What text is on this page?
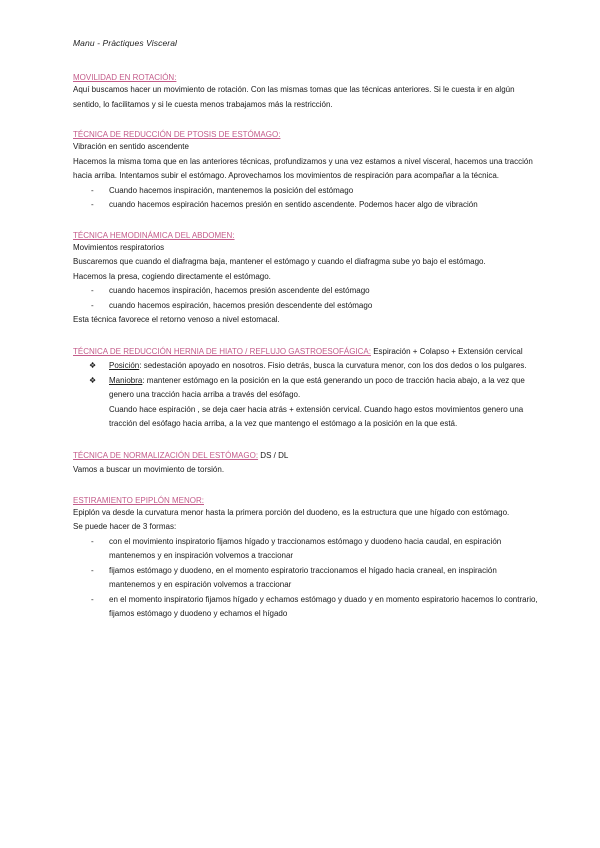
Manu - Pràctiques Visceral
MOVILIDAD EN ROTACIÓN:

Aquí buscamos hacer un movimiento de rotación. Con las mismas tomas que las técnicas anteriores. Si le cuesta ir en algún sentido, lo facilitamos y si le cuesta menos trabajamos más la restricción.

TÉCNICA DE REDUCCIÓN DE PTOSIS DE ESTÓMAGO:

Vibración en sentido ascendente

Hacemos la misma toma que en las anteriores técnicas, profundizamos y una vez estamos a nivel visceral, hacemos una tracción hacia arriba. Intentamos subir el estómago. Aprovechamos los movimientos de respiración para acompañar a la técnica.

- Cuando hacemos inspiración, mantenemos la posición del estómago
- cuando hacemos espiración hacemos presión en sentido ascendente. Podemos hacer algo de vibración
TÉCNICA HEMODINÁMICA DEL ABDOMEN:

Movimientos respiratorios

Buscaremos que cuando el diafragma baja, mantener el estómago y cuando el diafragma sube yo bajo el estómago.

Hacemos la presa, cogiendo directamente el estómago.

- cuando hacemos inspiración, hacemos presión ascendente del estómago
- cuando hacemos espiración, hacemos presión descendente del estómago

Esta técnica favorece el retorno venoso a nivel estomacal.

TÉCNICA DE REDUCCIÓN HERNIA DE HIATO / REFLUJO GASTROESOFÁGICA: Espiración + Colapso + Extensión cervical

❖ Posición: sedestación apoyado en nosotros. Fisio detrás, busca la curvatura menor, con los dos dedos o los pulgares.
❖ Maniobra: mantener estómago en la posición en la que está generando un poco de tracción hacia abajo, a la vez que genero una tracción hacia arriba a través del esófago.
Cuando hace espiración , se deja caer hacia atrás + extensión cervical. Cuando hago estos movimientos genero una tracción del esófago hacia arriba, a la vez que mantengo el estómago a la posición en la que está.

TÉCNICA DE NORMALIZACIÓN DEL ESTÓMAGO: DS / DL

Vamos a buscar un movimiento de torsión.

ESTIRAMIENTO EPIPLÓN MENOR:

Epiplón va desde la curvatura menor hasta la primera porción del duodeno, es la estructura que une hígado con estómago.

Se puede hacer de 3 formas:

- con el movimiento inspiratorio fijamos hígado y traccionamos estómago y duodeno hacia caudal, en espiración mantenemos y en inspiración volvemos a traccionar
- fijamos estómago y duodeno, en el momento espiratorio traccionamos el hígado hacia craneal, en inspiración mantenemos y en espiración volvemos a traccionar
- en el momento inspiratorio fijamos hígado y echamos estómago y duado y en momento espiratorio hacemos lo contrario, fijamos estómago y duodeno y echamos el hígado
